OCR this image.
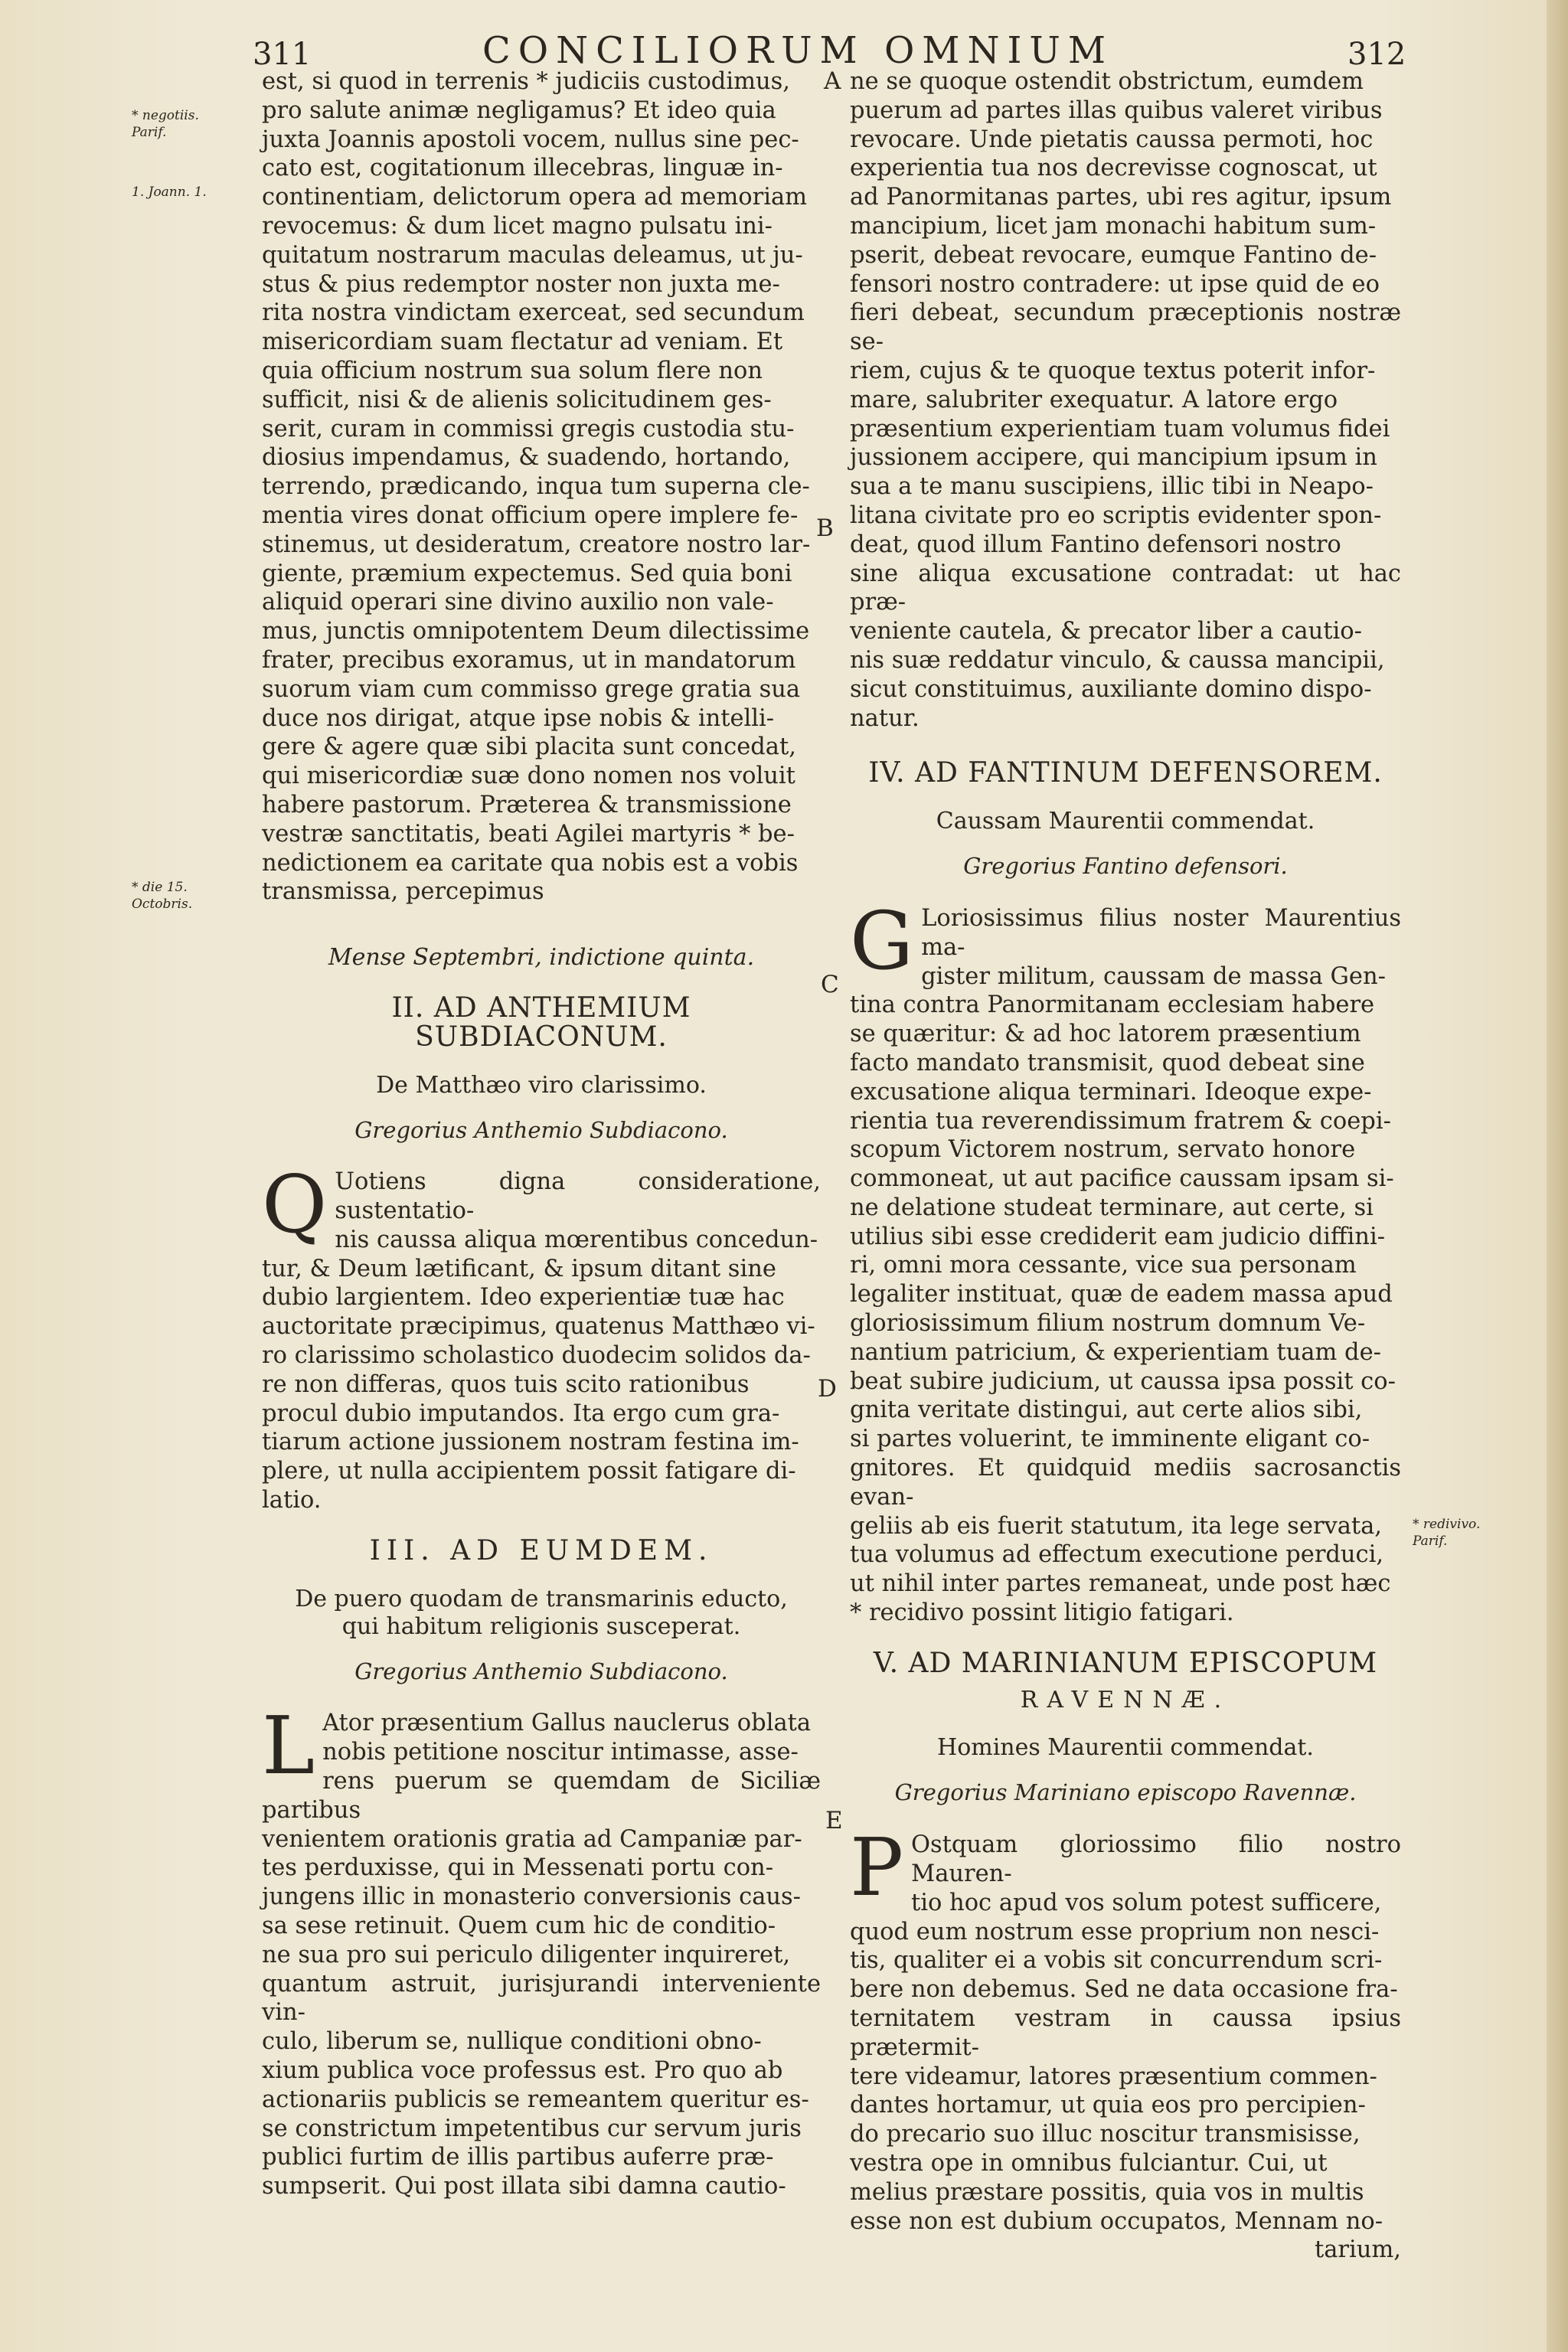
311	CONCILIORUM OMNIUM	312
* negotiis. Parif.
1. Joann. 1.
* die 15. Octobris.
* redivivo. Parif.
A
B
C
D
E

est, si quod in terrenis * judiciis custodimus,

pro salute animæ negligamus? Et ideo quia

juxta Joannis apostoli vocem, nullus sine pec-

cato est, cogitationum illecebras, linguæ in-

continentiam, delictorum opera ad memoriam

revocemus: & dum licet magno pulsatu ini-

quitatum nostrarum maculas deleamus, ut ju-

stus & pius redemptor noster non juxta me-

rita nostra vindictam exerceat, sed secundum

misericordiam suam flectatur ad veniam. Et

quia officium nostrum sua solum flere non

sufficit, nisi & de alienis solicitudinem ges-

serit, curam in commissi gregis custodia stu-

diosius impendamus, & suadendo, hortando,

terrendo, prædicando, inqua tum superna cle-

mentia vires donat officium opere implere fe-

stinemus, ut desideratum, creatore nostro lar-

giente, præmium expectemus. Sed quia boni

aliquid operari sine divino auxilio non vale-

mus, junctis omnipotentem Deum dilectissime

frater, precibus exoramus, ut in mandatorum

suorum viam cum commisso grege gratia sua

duce nos dirigat, atque ipse nobis & intelli-

gere & agere quæ sibi placita sunt concedat,

qui misericordiæ suæ dono nomen nos voluit

habere pastorum. Præterea & transmissione

vestræ sanctitatis, beati Agilei martyris * be-

nedictionem ea caritate qua nobis est a vobis

transmissa, percepimus

Mense Septembri, indictione quinta.
II. AD ANTHEMIUM SUBDIACONUM.
De Matthæo viro clarissimo.
Gregorius Anthemio Subdiacono.
Q Uotiens digna consideratione, sustentatio-

nis caussa aliqua mœrentibus concedun-

tur, & Deum lætificant, & ipsum ditant sine

dubio largientem. Ideo experientiæ tuæ hac

auctoritate præcipimus, quatenus Matthæo vi-

ro clarissimo scholastico duodecim solidos da-

re non differas, quos tuis scito rationibus

procul dubio imputandos. Ita ergo cum gra-

tiarum actione jussionem nostram festina im-

plere, ut nulla accipientem possit fatigare di-

latio.

III. AD EUMDEM.
De puero quodam de transmarinis educto,
qui habitum religionis susceperat.
Gregorius Anthemio Subdiacono.
L Ator præsentium Gallus nauclerus oblata

nobis petitione noscitur intimasse, asse-

rens puerum se quemdam de Siciliæ partibus

venientem orationis gratia ad Campaniæ par-

tes perduxisse, qui in Messenati portu con-

jungens illic in monasterio conversionis caus-

sa sese retinuit. Quem cum hic de conditio-

ne sua pro sui periculo diligenter inquireret,

quantum astruit, jurisjurandi interveniente vin-

culo, liberum se, nullique conditioni obno-

xium publica voce professus est. Pro quo ab

actionariis publicis se remeantem queritur es-

se constrictum impetentibus cur servum juris

publici furtim de illis partibus auferre præ-

sumpserit. Qui post illata sibi damna cautio-

ne se quoque ostendit obstrictum, eumdem

puerum ad partes illas quibus valeret viribus

revocare. Unde pietatis caussa permoti, hoc

experientia tua nos decrevisse cognoscat, ut

ad Panormitanas partes, ubi res agitur, ipsum

mancipium, licet jam monachi habitum sum-

pserit, debeat revocare, eumque Fantino de-

fensori nostro contradere: ut ipse quid de eo

fieri debeat, secundum præceptionis nostræ se-

riem, cujus & te quoque textus poterit infor-

mare, salubriter exequatur. A latore ergo

præsentium experientiam tuam volumus fidei

jussionem accipere, qui mancipium ipsum in

sua a te manu suscipiens, illic tibi in Neapo-

litana civitate pro eo scriptis evidenter spon-

deat, quod illum Fantino defensori nostro

sine aliqua excusatione contradat: ut hac præ-

veniente cautela, & precator liber a cautio-

nis suæ reddatur vinculo, & caussa mancipii,

sicut constituimus, auxiliante domino dispo-

natur.

IV. AD FANTINUM DEFENSOREM.
Caussam Maurentii commendat.
Gregorius Fantino defensori.
G Loriosissimus filius noster Maurentius ma-

gister militum, caussam de massa Gen-

tina contra Panormitanam ecclesiam habere

se quæritur: & ad hoc latorem præsentium

facto mandato transmisit, quod debeat sine

excusatione aliqua terminari. Ideoque expe-

rientia tua reverendissimum fratrem & coepi-

scopum Victorem nostrum, servato honore

commoneat, ut aut pacifice caussam ipsam si-

ne delatione studeat terminare, aut certe, si

utilius sibi esse crediderit eam judicio diffini-

ri, omni mora cessante, vice sua personam

legaliter instituat, quæ de eadem massa apud

gloriosissimum filium nostrum domnum Ve-

nantium patricium, & experientiam tuam de-

beat subire judicium, ut caussa ipsa possit co-

gnita veritate distingui, aut certe alios sibi,

si partes voluerint, te imminente eligant co-

gnitores. Et quidquid mediis sacrosanctis evan-

geliis ab eis fuerit statutum, ita lege servata,

tua volumus ad effectum executione perduci,

ut nihil inter partes remaneat, unde post hæc

* recidivo possint litigio fatigari.

V. AD MARINIANUM EPISCOPUM
RAVENNÆ.
Homines Maurentii commendat.
Gregorius Mariniano episcopo Ravennæ.
P Ostquam gloriossimo filio nostro Mauren-

tio hoc apud vos solum potest sufficere,

quod eum nostrum esse proprium non nesci-

tis, qualiter ei a vobis sit concurrendum scri-

bere non debemus. Sed ne data occasione fra-

ternitatem vestram in caussa ipsius prætermit-

tere videamur, latores præsentium commen-

dantes hortamur, ut quia eos pro percipien-

do precario suo illuc noscitur transmisisse,

vestra ope in omnibus fulciantur. Cui, ut

melius præstare possitis, quia vos in multis

esse non est dubium occupatos, Mennam no-

tarium,
